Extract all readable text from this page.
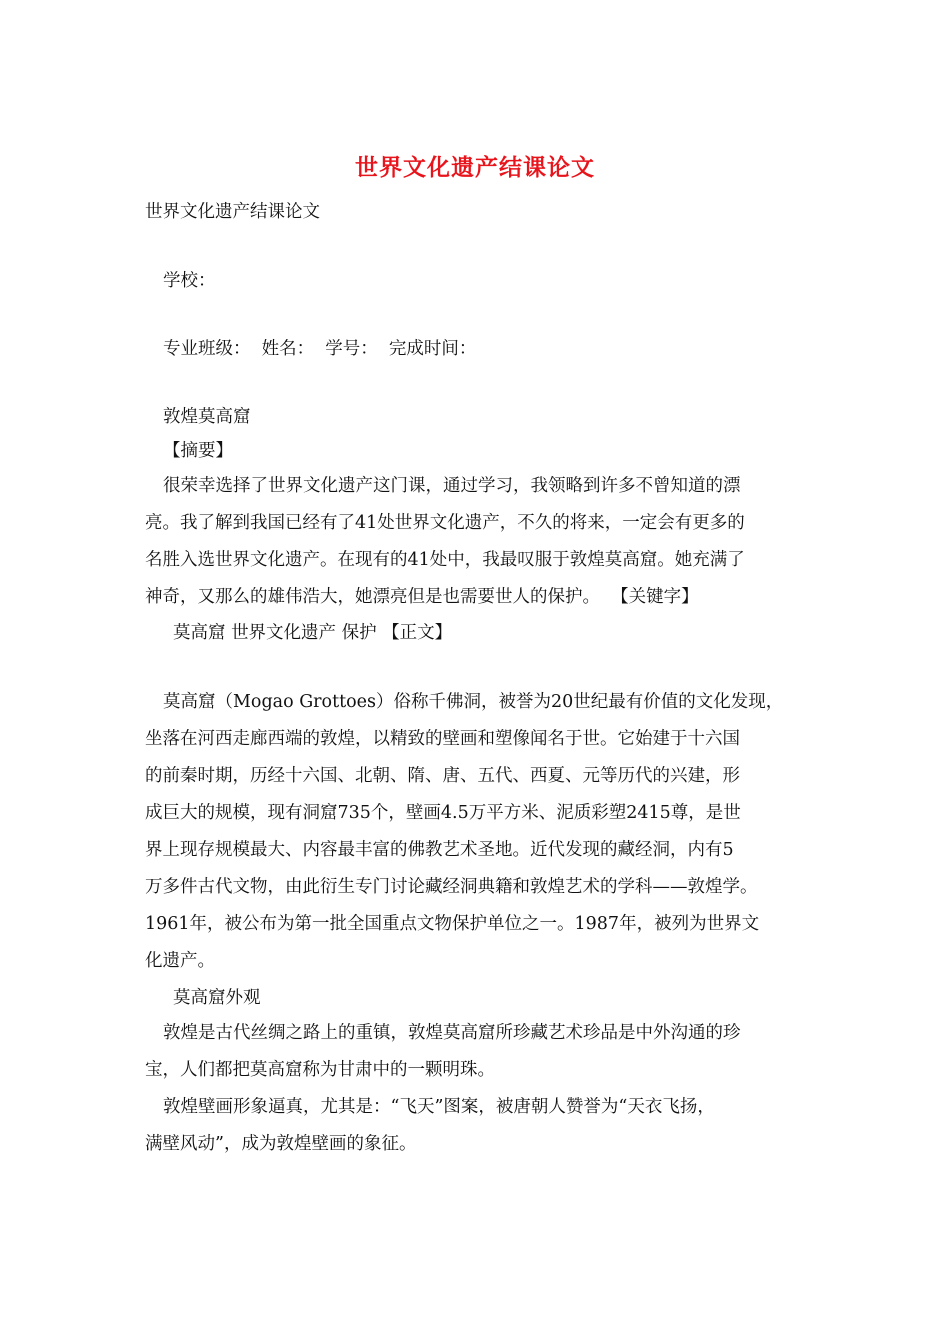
世界文化遗产结课论文
世界文化遗产结课论文
学校：
专业班级：  姓名：  学号：  完成时间：
敦煌莫高窟
【摘要】
很荣幸选择了世界文化遗产这门课，通过学习，我领略到许多不曾知道的漂
亮。我了解到我国已经有了41处世界文化遗产，不久的将来，一定会有更多的
名胜入选世界文化遗产。在现有的41处中，我最叹服于敦煌莫高窟。她充满了
神奇，又那么的雄伟浩大，她漂亮但是也需要世人的保护。  【关键字】
莫高窟 世界文化遗产 保护 【正文】
莫高窟（Mogao Grottoes）俗称千佛洞，被誉为20世纪最有价值的文化发现，
坐落在河西走廊西端的敦煌，以精致的壁画和塑像闻名于世。它始建于十六国
的前秦时期，历经十六国、北朝、隋、唐、五代、西夏、元等历代的兴建，形
成巨大的规模，现有洞窟735个，壁画4.5万平方米、泥质彩塑2415尊，是世
界上现存规模最大、内容最丰富的佛教艺术圣地。近代发现的藏经洞，内有5
万多件古代文物，由此衍生专门讨论藏经洞典籍和敦煌艺术的学科——敦煌学。
1961年，被公布为第一批全国重点文物保护单位之一。1987年，被列为世界文
化遗产。
莫高窟外观
敦煌是古代丝绸之路上的重镇，敦煌莫高窟所珍藏艺术珍品是中外沟通的珍
宝，人们都把莫高窟称为甘肃中的一颗明珠。
敦煌壁画形象逼真，尤其是：“飞天”图案，被唐朝人赞誉为“天衣飞扬，
满壁风动”，成为敦煌壁画的象征。
